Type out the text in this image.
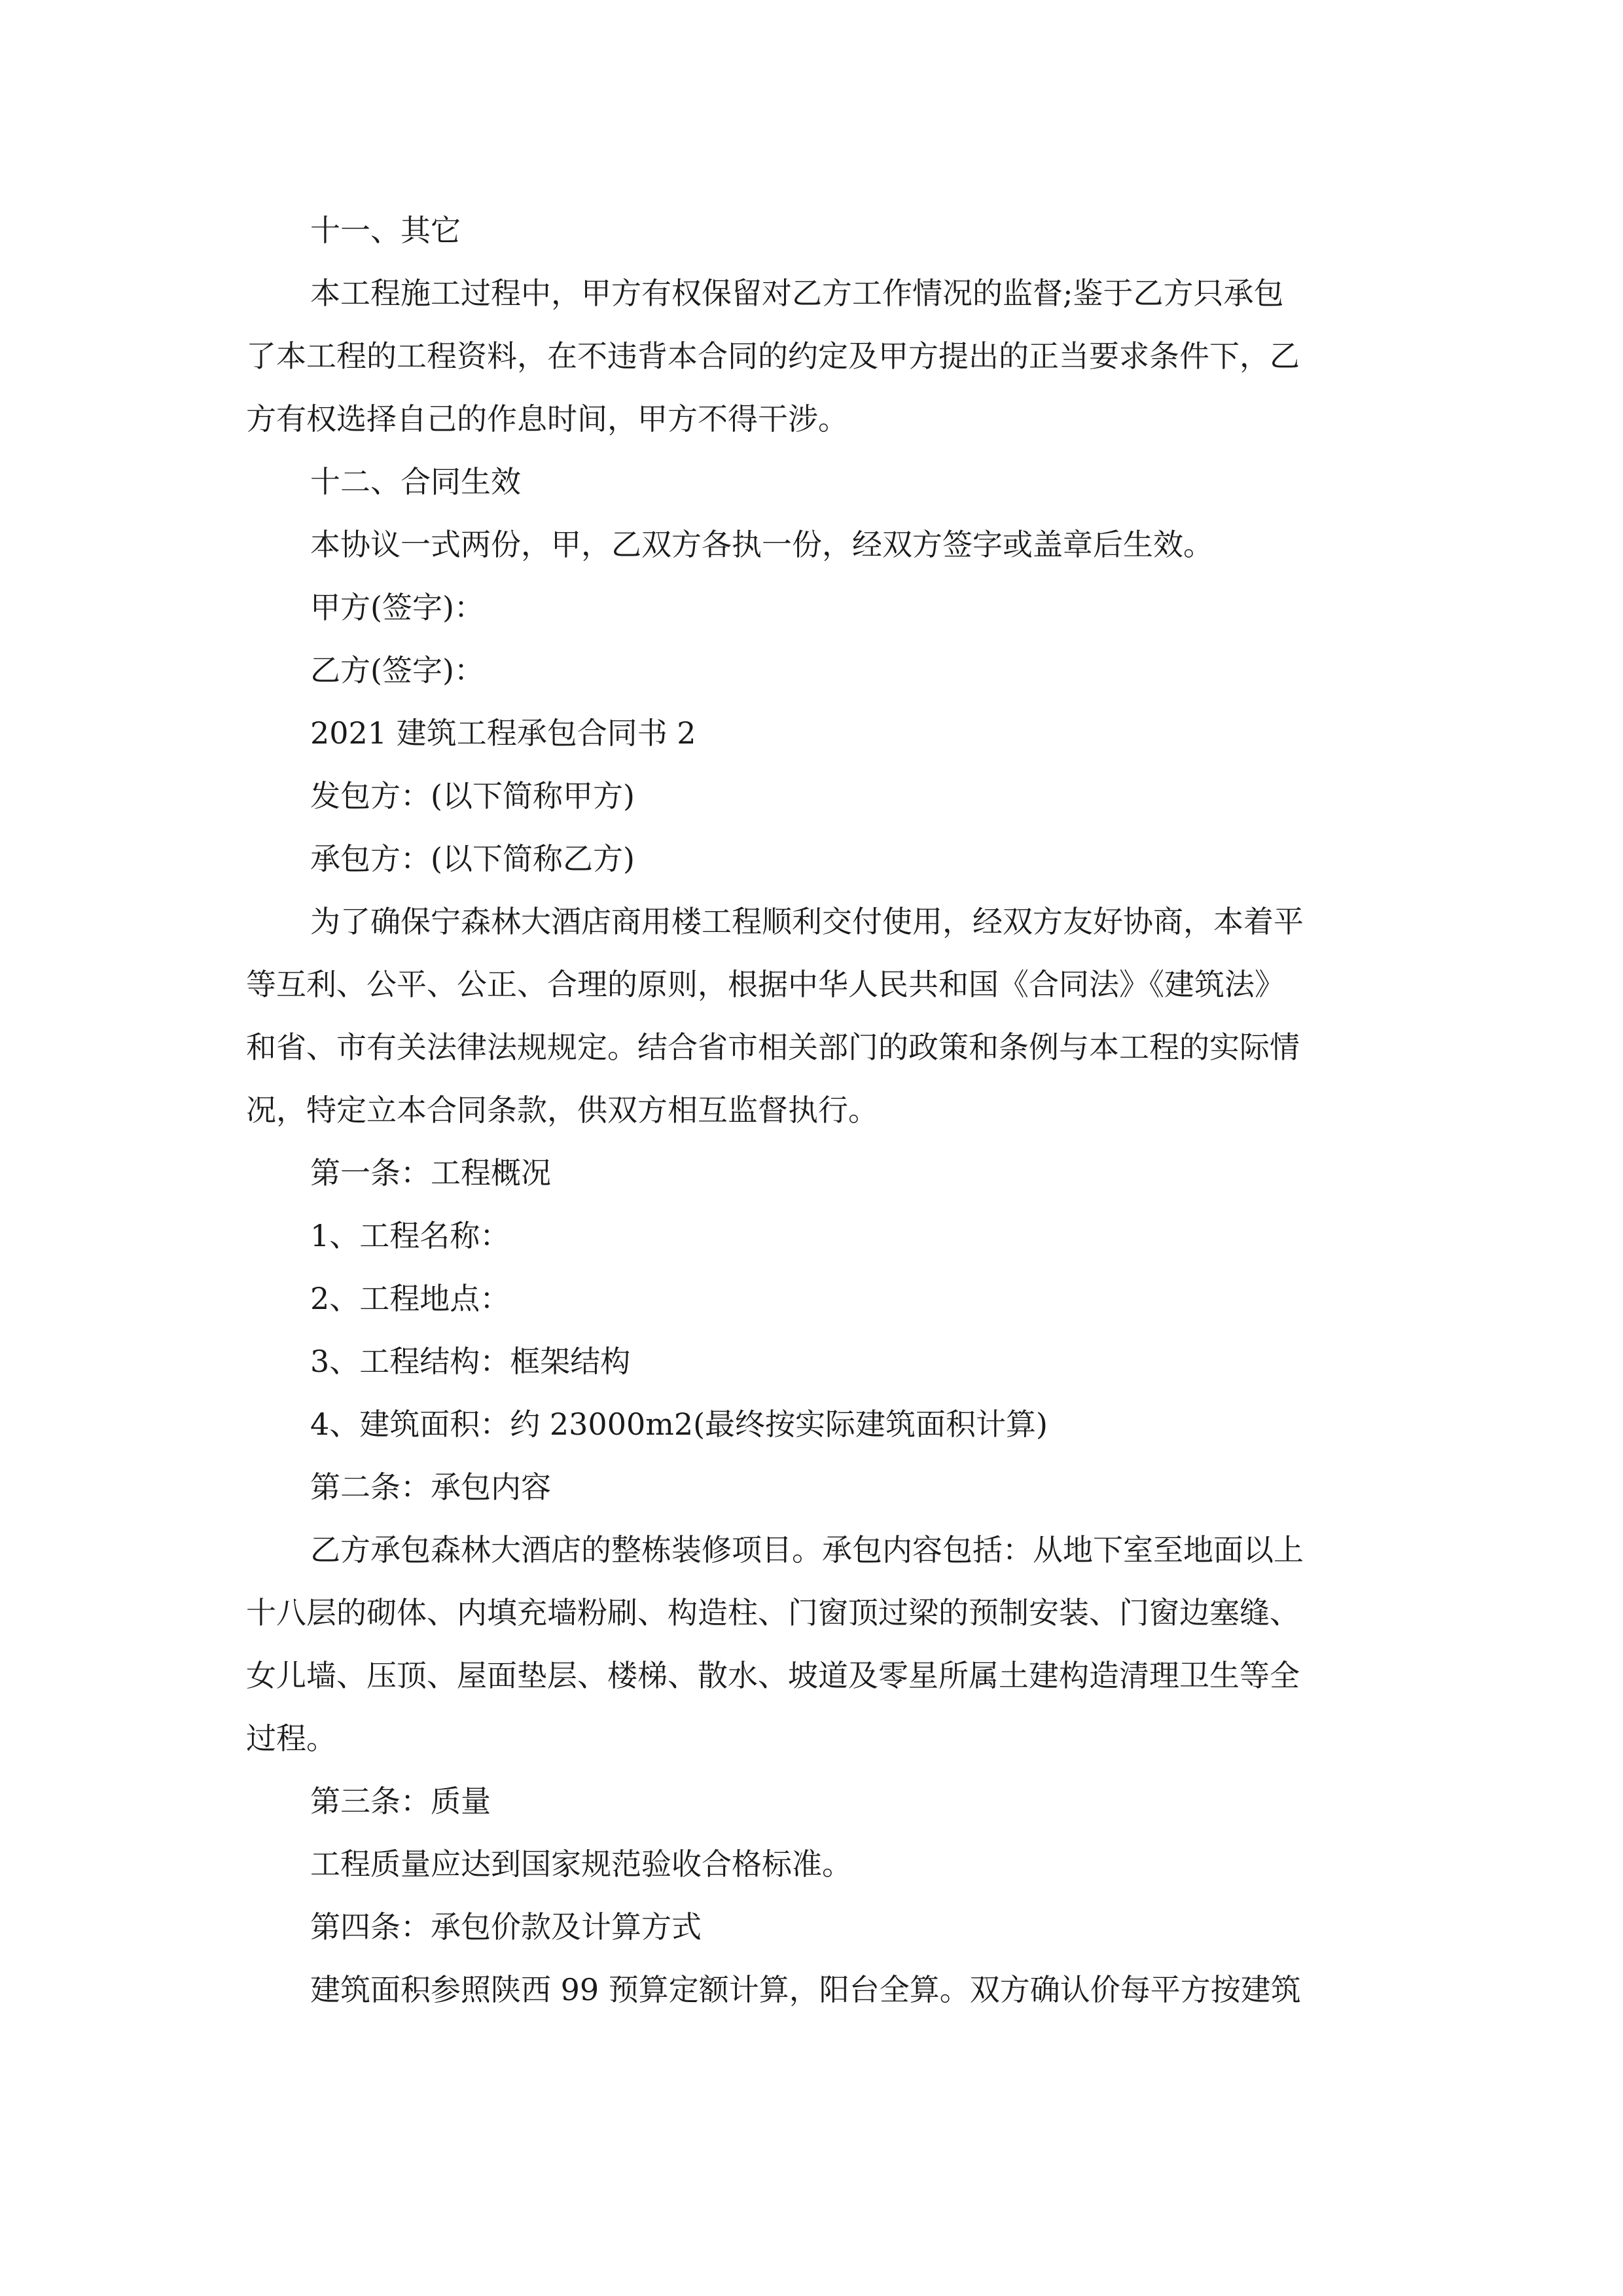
十一、其它

本工程施工过程中，甲方有权保留对乙方工作情况的监督;鉴于乙方只承包

了本工程的工程资料，在不违背本合同的约定及甲方提出的正当要求条件下，乙

方有权选择自己的作息时间，甲方不得干涉。

十二、合同生效

本协议一式两份，甲，乙双方各执一份，经双方签字或盖章后生效。

甲方(签字)：

乙方(签字)：

2021 建筑工程承包合同书 2

发包方：(以下简称甲方)

承包方：(以下简称乙方)

为了确保宁森林大酒店商用楼工程顺利交付使用，经双方友好协商，本着平

等互利、公平、公正、合理的原则，根据中华人民共和国《合同法》《建筑法》

和省、市有关法律法规规定。结合省市相关部门的政策和条例与本工程的实际情

况，特定立本合同条款，供双方相互监督执行。

第一条：工程概况

1、工程名称：

2、工程地点：

3、工程结构：框架结构

4、建筑面积：约 23000m2(最终按实际建筑面积计算)

第二条：承包内容

乙方承包森林大酒店的整栋装修项目。承包内容包括：从地下室至地面以上

十八层的砌体、内填充墙粉刷、构造柱、门窗顶过梁的预制安装、门窗边塞缝、

女儿墙、压顶、屋面垫层、楼梯、散水、坡道及零星所属土建构造清理卫生等全

过程。

第三条：质量

工程质量应达到国家规范验收合格标准。

第四条：承包价款及计算方式

建筑面积参照陕西 99 预算定额计算，阳台全算。双方确认价每平方按建筑
